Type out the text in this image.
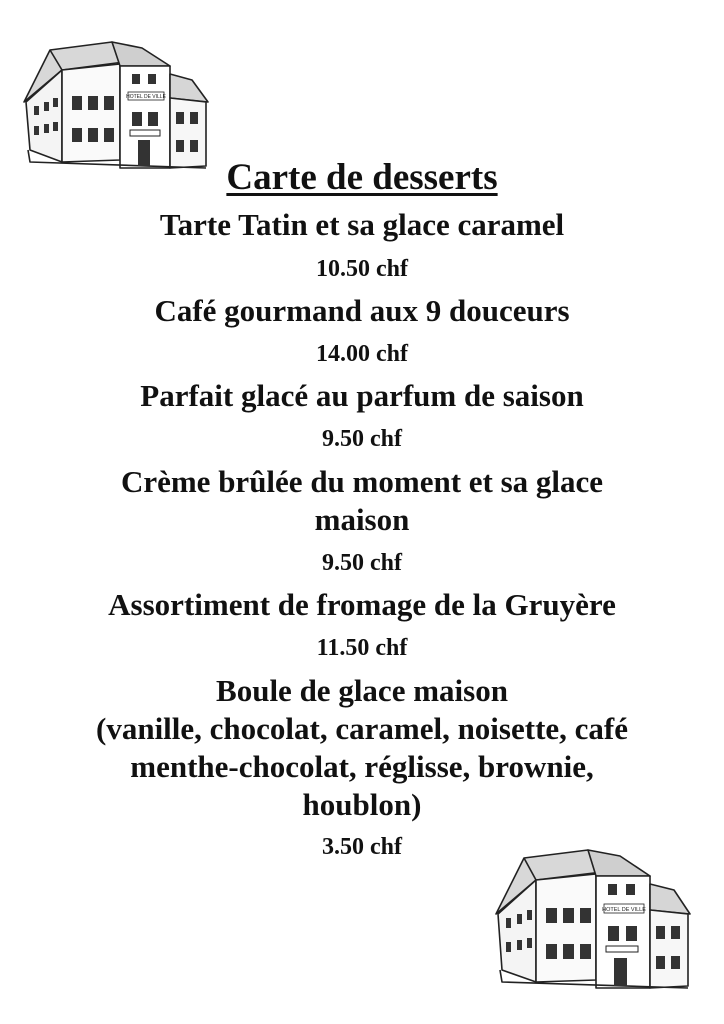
HOTEL DE VILLE
Carte de desserts
Tarte Tatin et sa glace caramel
10.50 chf
Café gourmand aux 9 douceurs
14.00 chf
Parfait glacé au parfum de saison
9.50 chf
Crème brûlée du moment et sa glace
maison
9.50 chf
Assortiment de fromage de la Gruyère
11.50 chf
Boule de glace maison
(vanille, chocolat, caramel, noisette, café
menthe-chocolat, réglisse, brownie,
houblon)
3.50 chf
HOTEL DE VILLE
